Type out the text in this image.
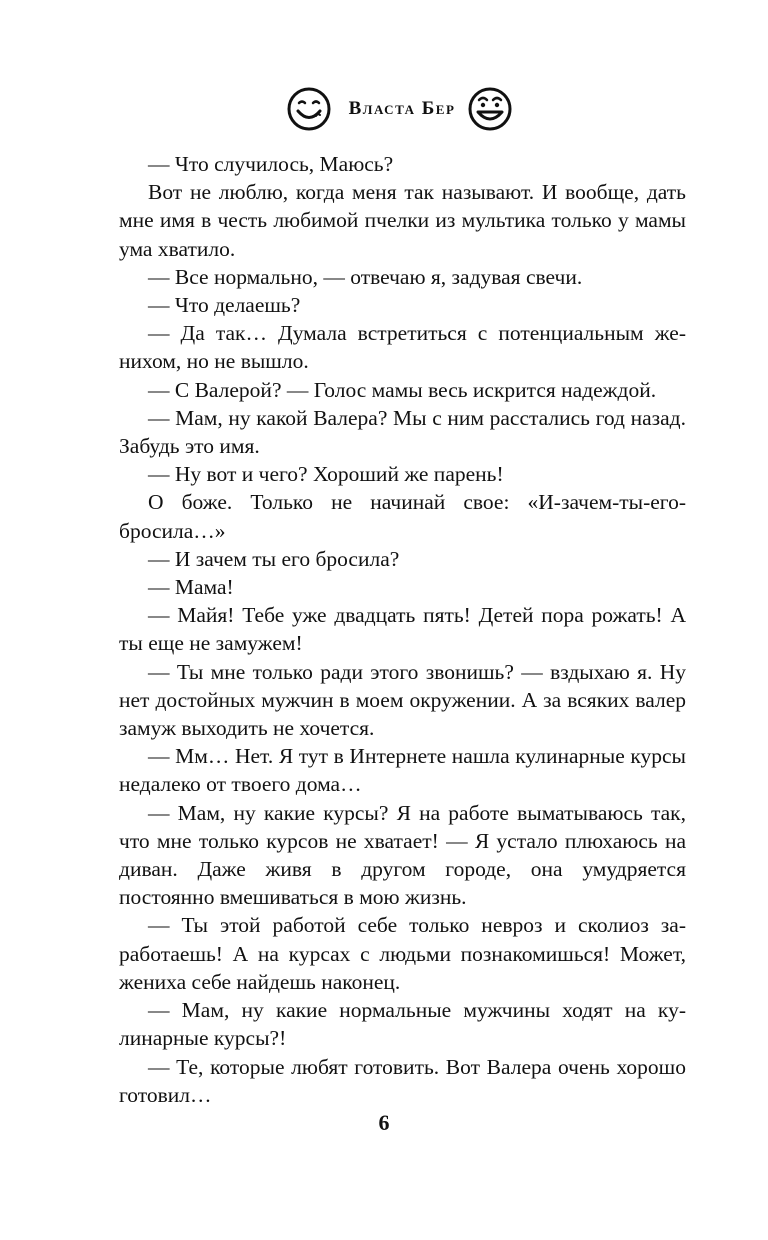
Власта Бер

— Что случилось, Маюсь?

Вот не люблю, когда меня так называют. И вообще, дать мне имя в честь любимой пчелки из мультика только у мамы ума хватило.

— Все нормально, — отвечаю я, задувая свечи.

— Что делаешь?

— Да так… Думала встретиться с потенциальным женихом, но не вышло.

— С Валерой? — Голос мамы весь искрится надеждой.

— Мам, ну какой Валера? Мы с ним расстались год назад. Забудь это имя.

— Ну вот и чего? Хороший же парень!

О боже. Только не начинай свое: «И-зачем-ты-его-бросила…»

— И зачем ты его бросила?

— Мама!

— Майя! Тебе уже двадцать пять! Детей пора рожать! А ты еще не замужем!

— Ты мне только ради этого звонишь? — вздыхаю я. Ну нет достойных мужчин в моем окружении. А за всяких валер замуж выходить не хочется.

— Мм… Нет. Я тут в Интернете нашла кулинарные курсы недалеко от твоего дома…

— Мам, ну какие курсы? Я на работе выматываюсь так, что мне только курсов не хватает! — Я устало плюхаюсь на диван. Даже живя в другом городе, она умудряется постоянно вмешиваться в мою жизнь.

— Ты этой работой себе только невроз и сколиоз заработаешь! А на курсах с людьми познакомишься! Может, жениха себе найдешь наконец.

— Мам, ну какие нормальные мужчины ходят на кулинарные курсы?!

— Те, которые любят готовить. Вот Валера очень хорошо готовил…

6
